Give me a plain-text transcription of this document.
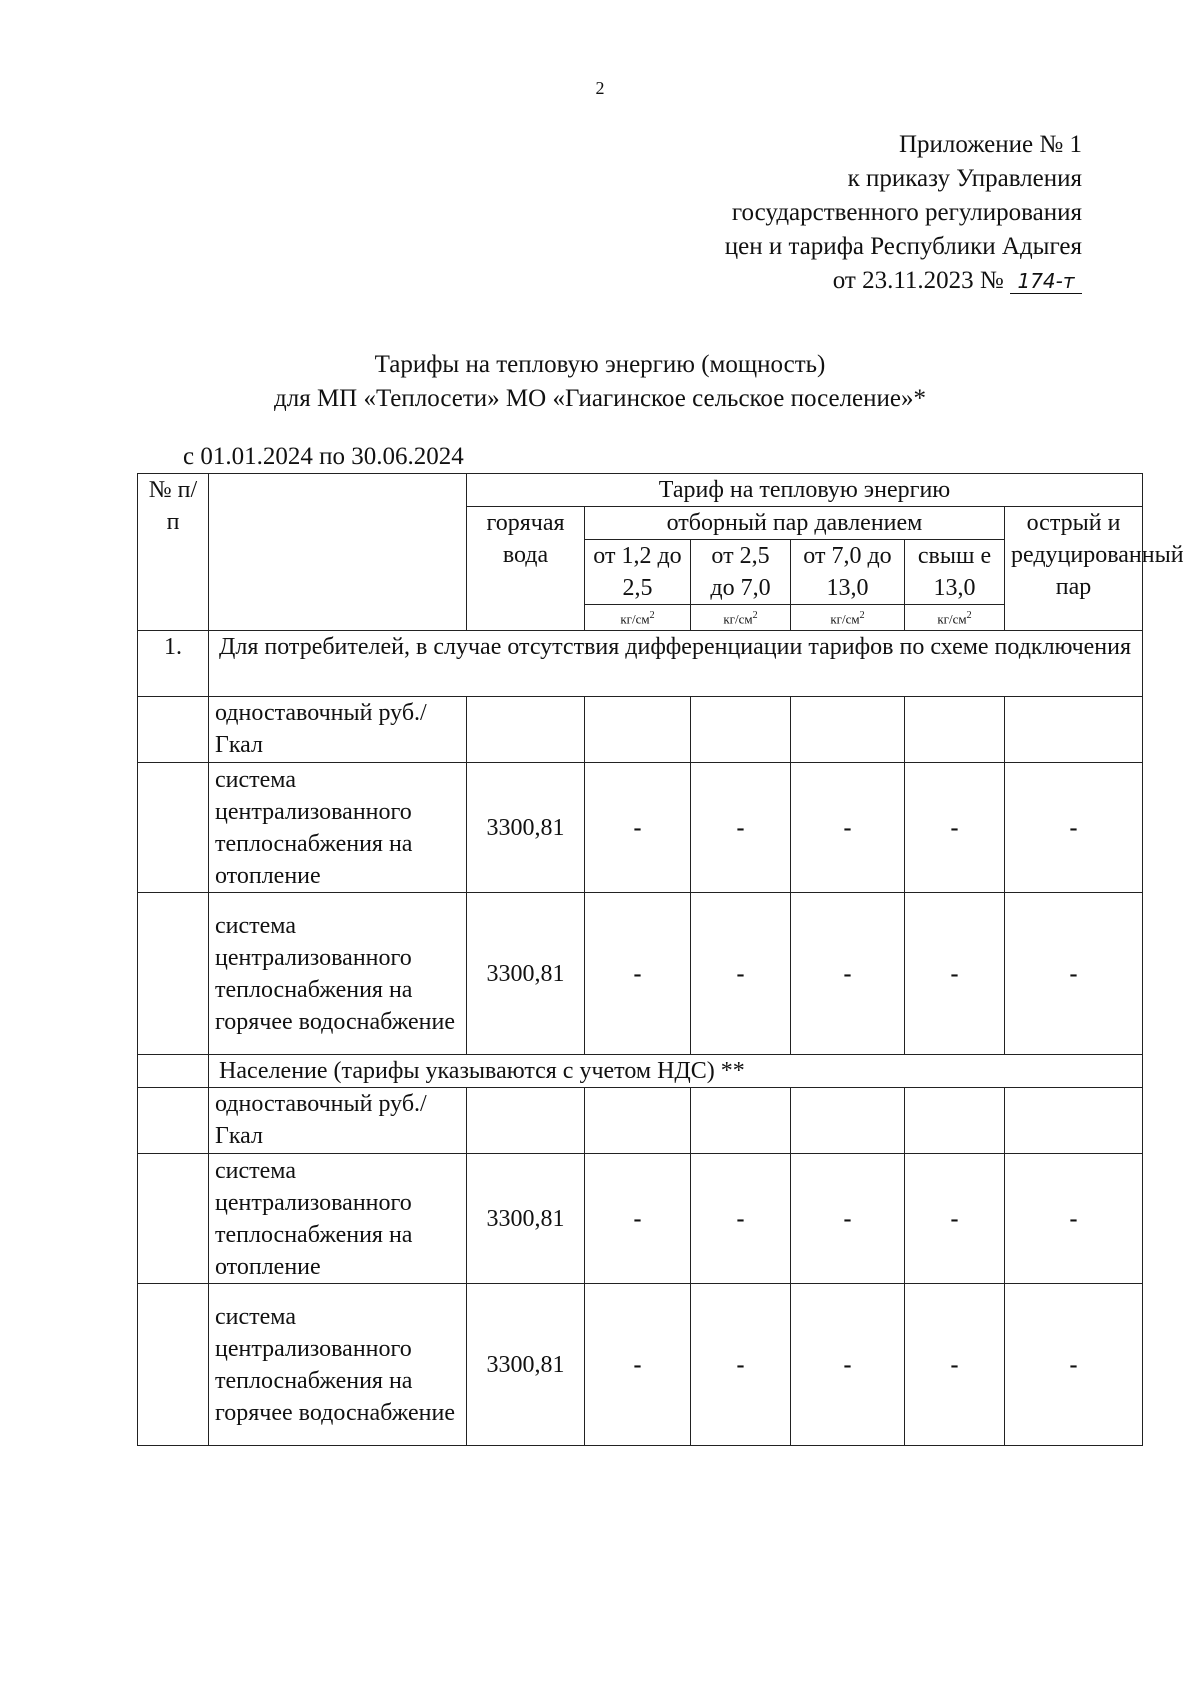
2
Приложение № 1
к приказу Управления
государственного регулирования
цен и тарифа Республики Адыгея
от 23.11.2023 № 174-т
Тарифы на тепловую энергию (мощность)
для МП «Теплосети» МО «Гиагинское сельское поселение»*
с 01.01.2024 по 30.06.2024
№ п/п		Тариф на тепловую энергию					
		горячая вода	отборный пар давлением				острый и редуцированный пар
			от 1,2 до 2,5	от 2,5 до 7,0	от 7,0 до 13,0	свыш е 13,0	

			$кг/см^2$	$кг/см^2$	$кг/см^2$	$кг/см^2$

1.	Для потребителей, в случае отсутствия дифференциации тарифов по схеме подключения						
	одноставочный руб./Гкал						
	система централизованного теплоснабжения на отопление	3300,81	-	-	-	-	-
	система централизованного теплоснабжения на горячее водоснабжение	3300,81	-	-	-	-	-
	Население (тарифы указываются с учетом НДС) **						
	одноставочный руб./Гкал						
	система централизованного теплоснабжения на отопление	3300,81	-	-	-	-	-
	система централизованного теплоснабжения на горячее водоснабжение	3300,81	-	-	-	-	-
